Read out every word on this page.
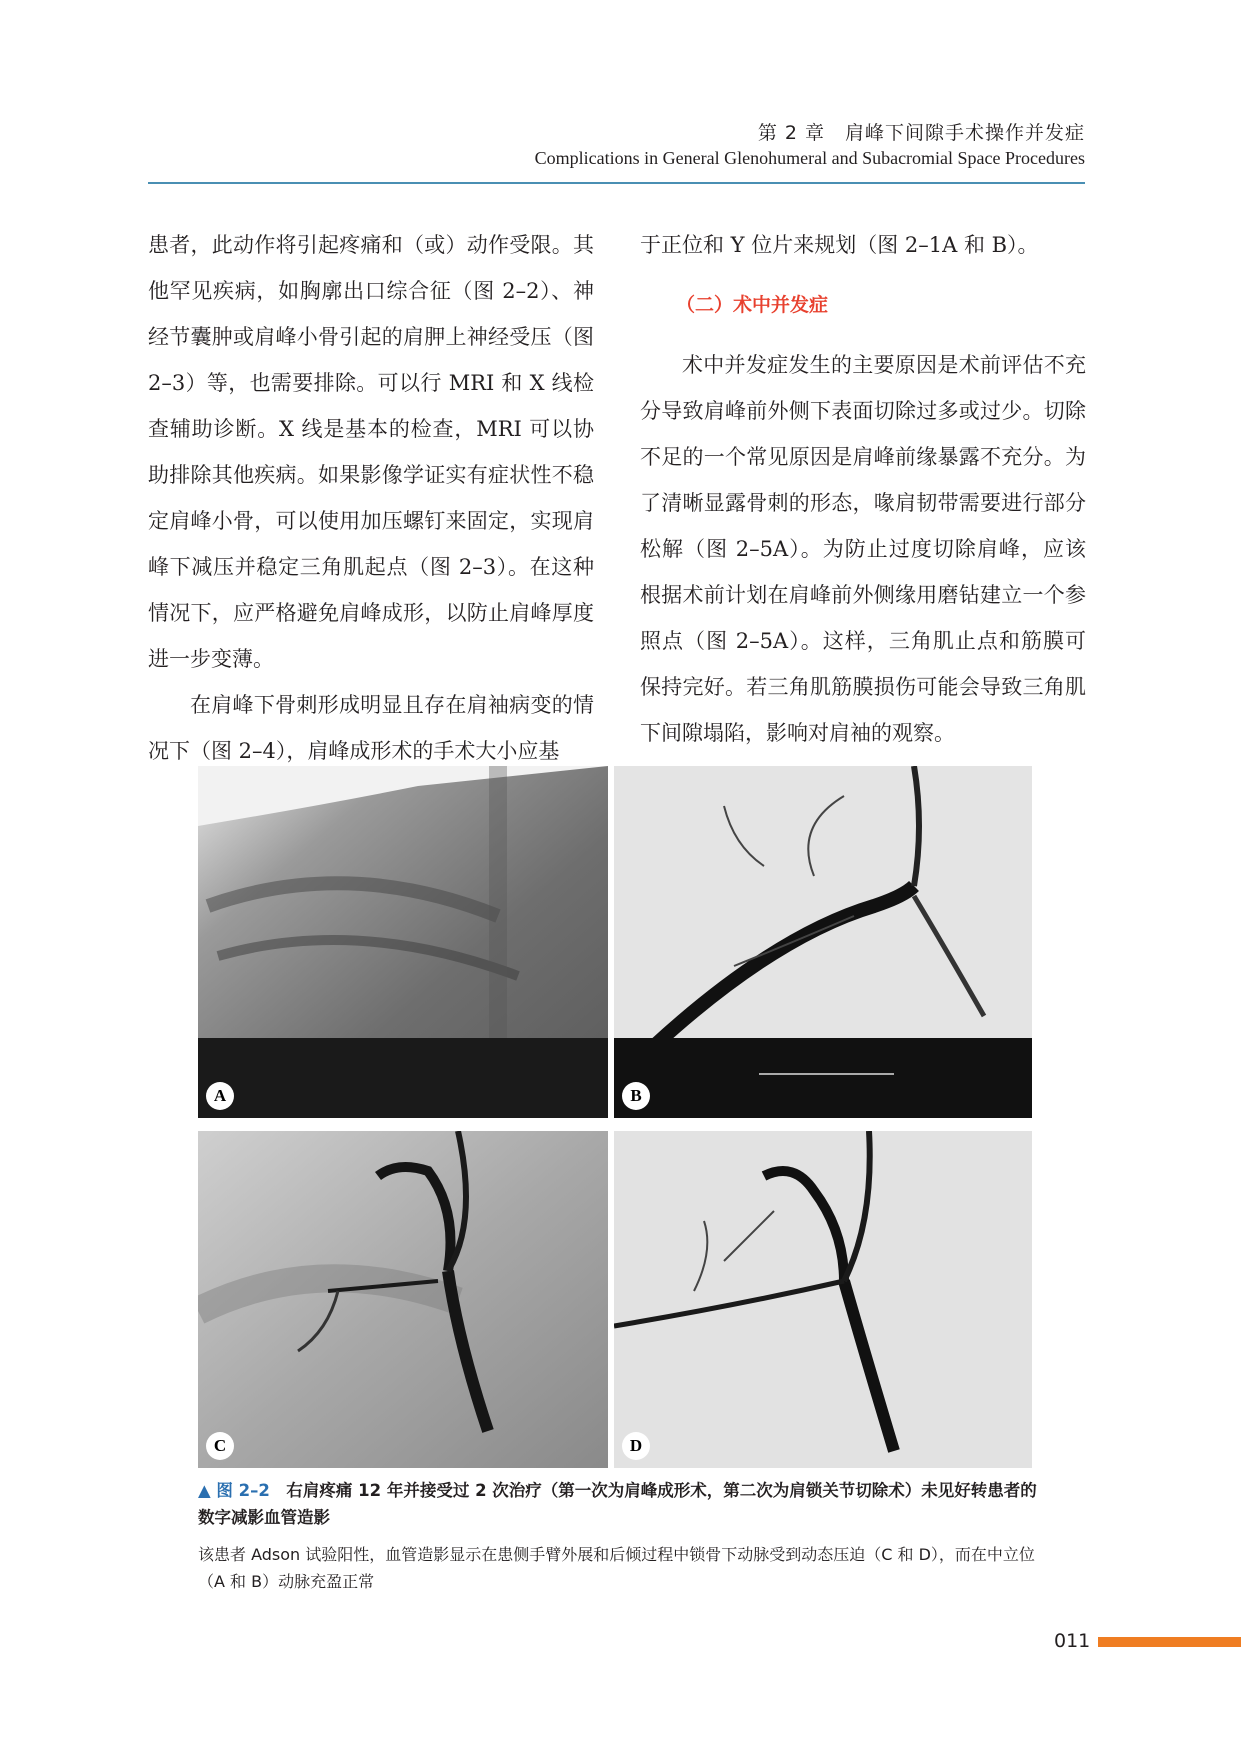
第 2 章　肩峰下间隙手术操作并发症
Complications in General Glenohumeral and Subacromial Space Procedures

患者，此动作将引起疼痛和（或）动作受限。其他罕见疾病，如胸廓出口综合征（图 2–2）、神经节囊肿或肩峰小骨引起的肩胛上神经受压（图 2–3）等，也需要排除。可以行 MRI 和 X 线检查辅助诊断。X 线是基本的检查，MRI 可以协助排除其他疾病。如果影像学证实有症状性不稳定肩峰小骨，可以使用加压螺钉来固定，实现肩峰下减压并稳定三角肌起点（图 2–3）。在这种情况下，应严格避免肩峰成形，以防止肩峰厚度进一步变薄。

在肩峰下骨刺形成明显且存在肩袖病变的情况下（图 2–4），肩峰成形术的手术大小应基

于正位和 Y 位片来规划（图 2–1A 和 B）。

（二）术中并发症

术中并发症发生的主要原因是术前评估不充分导致肩峰前外侧下表面切除过多或过少。切除不足的一个常见原因是肩峰前缘暴露不充分。为了清晰显露骨刺的形态，喙肩韧带需要进行部分松解（图 2–5A）。为防止过度切除肩峰，应该根据术前计划在肩峰前外侧缘用磨钻建立一个参照点（图 2–5A）。这样，三角肌止点和筋膜可保持完好。若三角肌筋膜损伤可能会导致三角肌下间隙塌陷，影响对肩袖的观察。

A	B
C	D
▲ 图 2–2　 右肩疼痛 12 年并接受过 2 次治疗（第一次为肩峰成形术，第二次为肩锁关节切除术）未见好转患者的数字减影血管造影
该患者 Adson 试验阳性，血管造影显示在患侧手臂外展和后倾过程中锁骨下动脉受到动态压迫（C 和 D），而在中立位（A 和 B）动脉充盈正常
011
